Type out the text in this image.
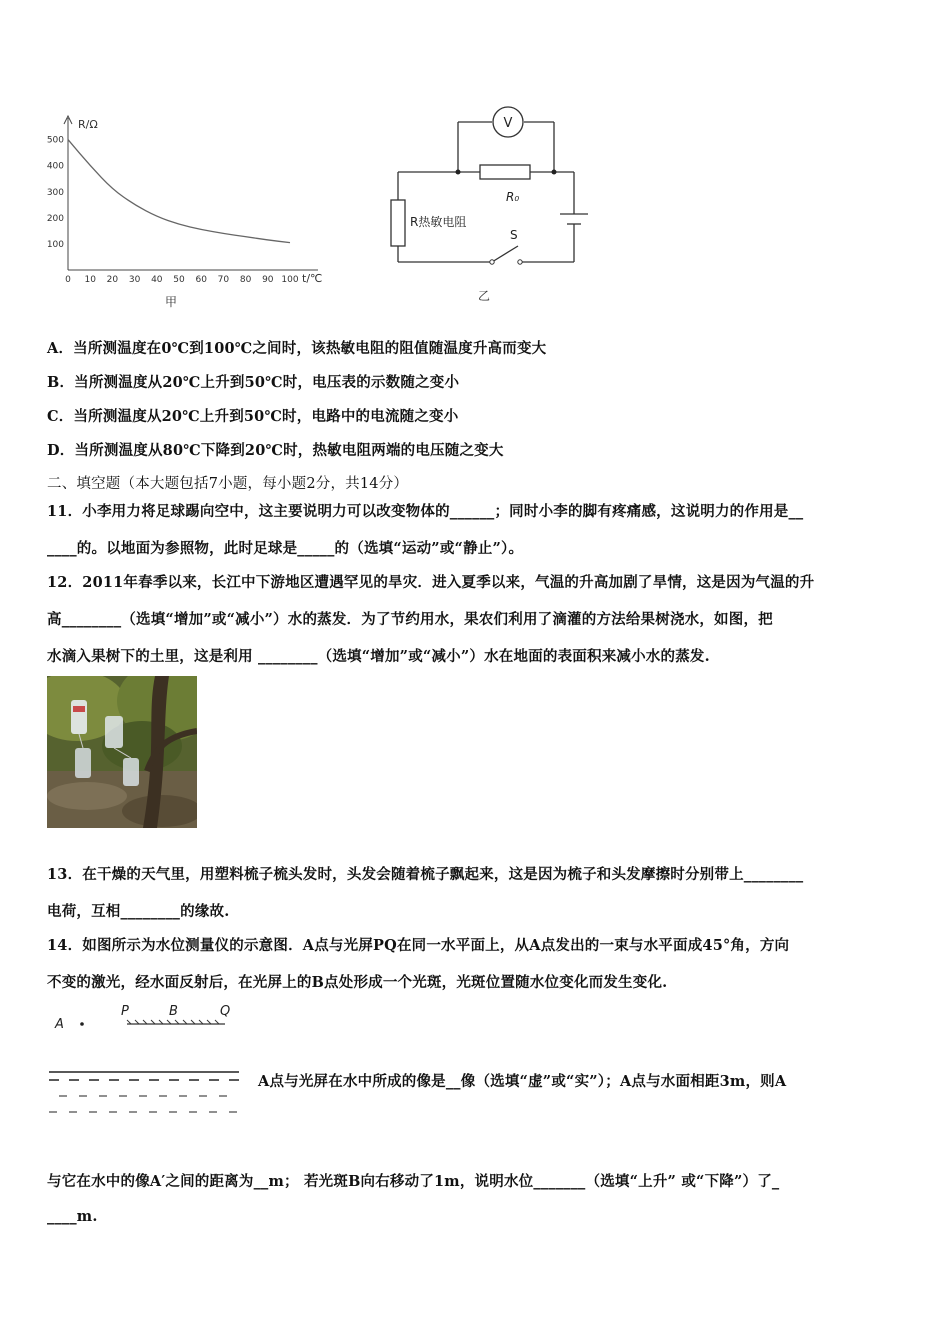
R/Ω
t/℃
100
200
300
400
500
0 10 20 30 40 50 60 70 80 90 100
甲
V
R₀
R热敏电阻
S
乙
A．当所测温度在0℃到100℃之间时，该热敏电阻的阻值随温度升高而变大
B．当所测温度从20℃上升到50℃时，电压表的示数随之变小
C．当所测温度从20℃上升到50℃时，电路中的电流随之变小
D．当所测温度从80℃下降到20℃时，热敏电阻两端的电压随之变大
二、填空题（本大题包括7小题，每小题2分，共14分）
11．小李用力将足球踢向空中，这主要说明力可以改变物体的______；同时小李的脚有疼痛感，这说明力的作用是__
____的。以地面为参照物，此时足球是_____的（选填“运动”或“静止”）。
12．2011年春季以来，长江中下游地区遭遇罕见的旱灾．进入夏季以来，气温的升高加剧了旱情，这是因为气温的升
高________（选填“增加”或“减小”）水的蒸发．为了节约用水，果农们利用了滴灌的方法给果树浇水，如图，把
水滴入果树下的土里，这是利用 ________（选填“增加”或“减小”）水在地面的表面积来减小水的蒸发.
13．在干燥的天气里，用塑料梳子梳头发时，头发会随着梳子飘起来，这是因为梳子和头发摩擦时分别带上________
电荷，互相________的缘故.
14．如图所示为水位测量仪的示意图．A点与光屏PQ在同一水平面上，从A点发出的一束与水平面成45°角，方向
不变的激光，经水面反射后，在光屏上的B点处形成一个光斑，光斑位置随水位变化而发生变化.
A
P	B	Q
A点与光屏在水中所成的像是__像（选填“虚”或“实”）；A点与水面相距3m，则A
与它在水中的像A′之间的距离为__m； 若光斑B向右移动了1m，说明水位_______（选填“上升” 或“下降”）了_
____m.
